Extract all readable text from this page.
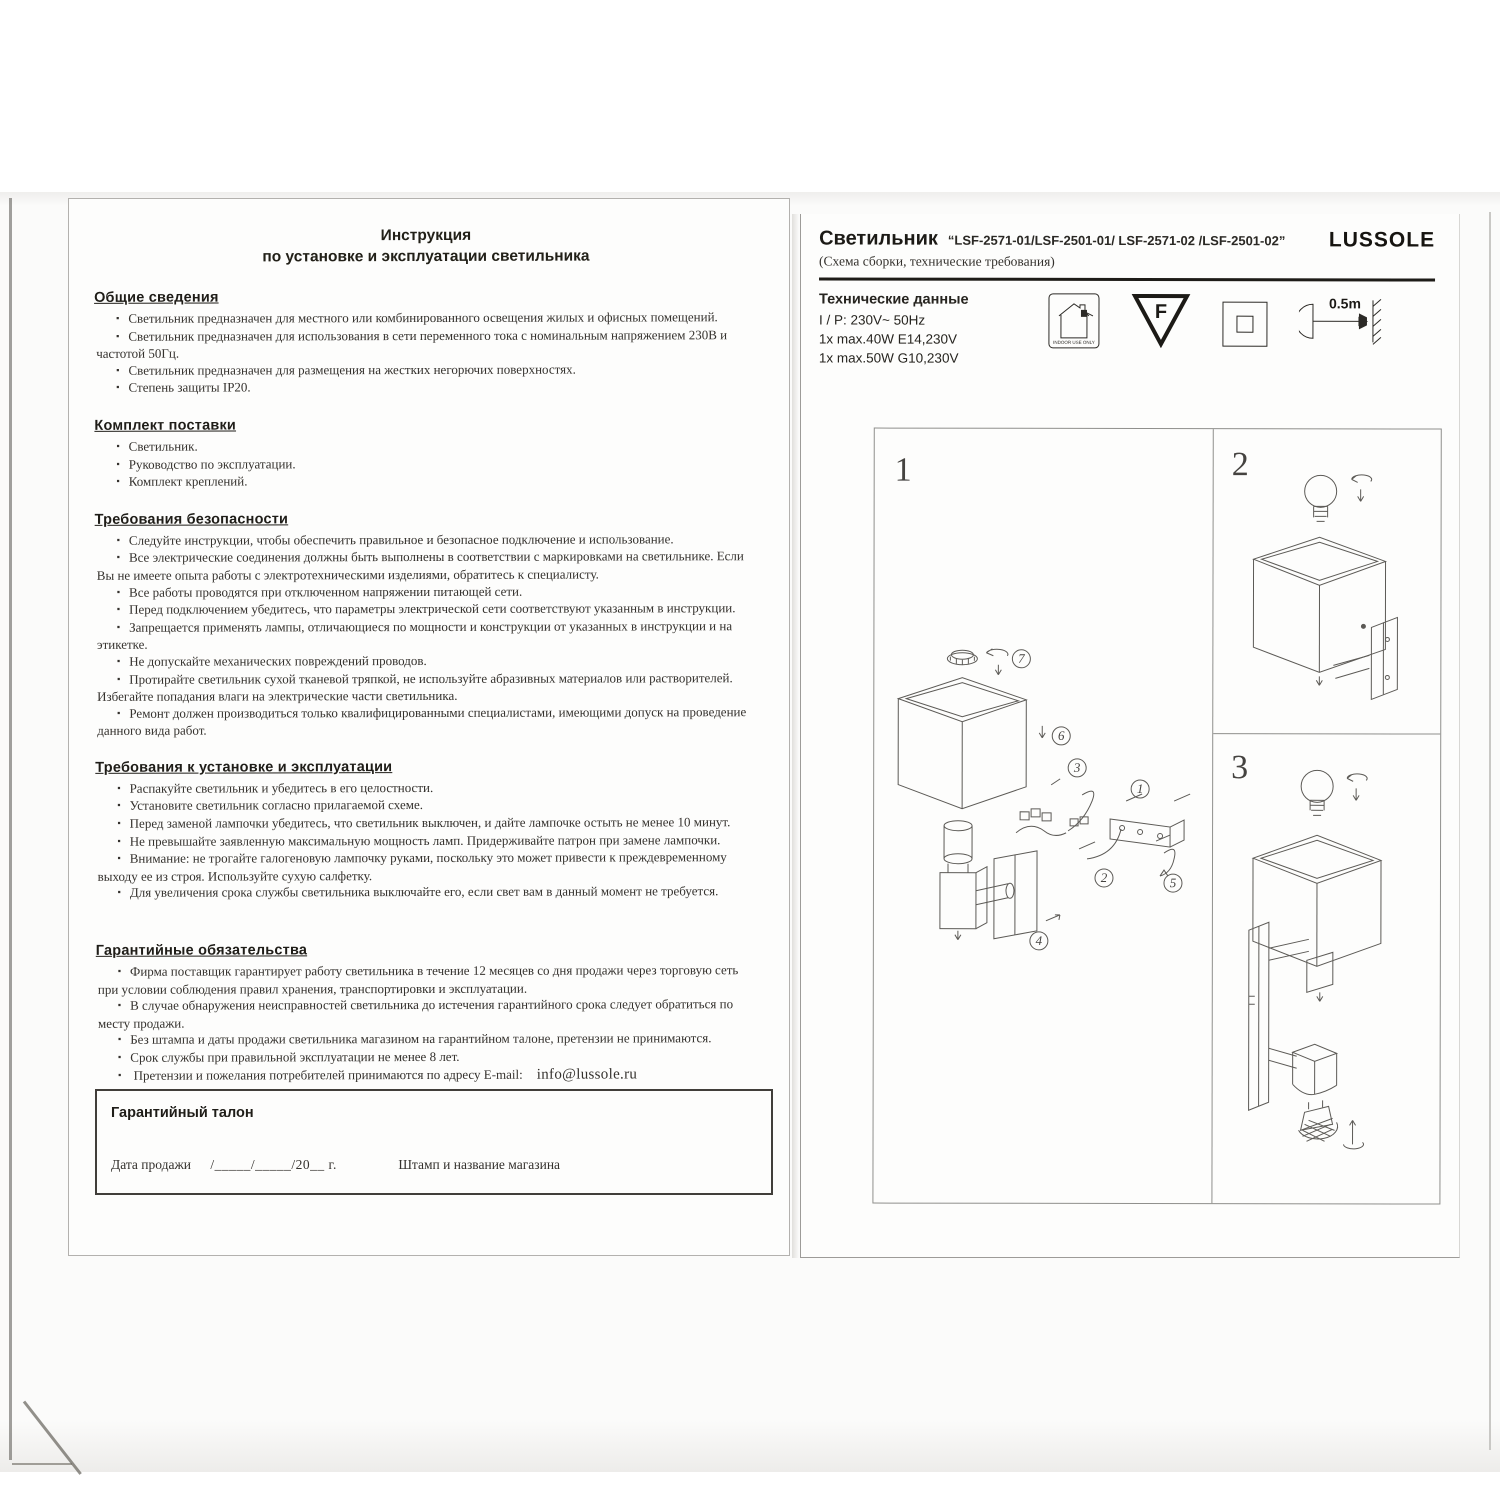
Инструкция
по установке и эксплуатации светильника
Общие сведения
▪ Светильник предназначен для местного или комбинированного освещения жилых и офисных помещений.
▪ Светильник предназначен для использования в сети переменного тока с номинальным напряжением 230В и частотой 50Гц.
▪ Светильник предназначен для размещения на жестких негорючих поверхностях.
▪ Степень защиты IP20.
Комплект поставки
▪ Светильник.
▪ Руководство по эксплуатации.
▪ Комплект креплений.
Требования безопасности
▪ Следуйте инструкции, чтобы обеспечить правильное и безопасное подключение и использование.
▪ Все электрические соединения должны быть выполнены в соответствии с маркировками на светильнике. Если Вы не имеете опыта работы с электротехническими изделиями, обратитесь к специалисту.
▪ Все работы проводятся при отключенном напряжении питающей сети.
▪ Перед подключением убедитесь, что параметры электрической сети соответствуют указанным в инструкции.
▪ Запрещается применять лампы, отличающиеся по мощности и конструкции от указанных в инструкции и на этикетке.
▪ Не допускайте механических повреждений проводов.
▪ Протирайте светильник сухой тканевой тряпкой, не используйте абразивных материалов или растворителей. Избегайте попадания влаги на электрические части светильника.
▪ Ремонт должен производиться только квалифицированными специалистами, имеющими допуск на проведение данного вида работ.
Требования к установке и эксплуатации
▪ Распакуйте светильник и убедитесь в его целостности.
▪ Установите светильник согласно прилагаемой схеме.
▪ Перед заменой лампочки убедитесь, что светильник выключен, и дайте лампочке остыть не менее 10 минут.
▪ Не превышайте заявленную максимальную мощность ламп. Придерживайте патрон при замене лампочки.
▪ Внимание: не трогайте галогеновую лампочку руками, поскольку это может привести к преждевременному выходу ее из строя. Используйте сухую салфетку.
▪ Для увеличения срока службы светильника выключайте его, если свет вам в данный момент не требуется.
Гарантийные обязательства
▪ Фирма поставщик гарантирует работу светильника в течение 12 месяцев со дня продажи через торговую сеть при условии соблюдения правил хранения, транспортировки и эксплуатации.
▪ В случае обнаружения неисправностей светильника до истечения гарантийного срока следует обратиться по месту продажи.
▪ Без штампа и даты продажи светильника магазином на гарантийном талоне, претензии не принимаются.
▪ Срок службы при правильной эксплуатации не менее 8 лет.
▪ Претензии и пожелания потребителей принимаются по адресу E-mail: info@lussole.ru
Гарантийный талон
Дата продажи /_____/_____/20__ г.	Штамп и название магазина
Светильник “LSF-2571-01/LSF-2501-01/ LSF-2571-02 /LSF-2501-02” LUSSOLE
(Схема сборки, технические требования)
Технические данные
I / P: 230V~ 50Hz
1x max.40W E14,230V
1x max.50W G10,230V
INDOOR USE ONLY
F	0.5m
1
7
6
3
1
2	5
4
2
3
